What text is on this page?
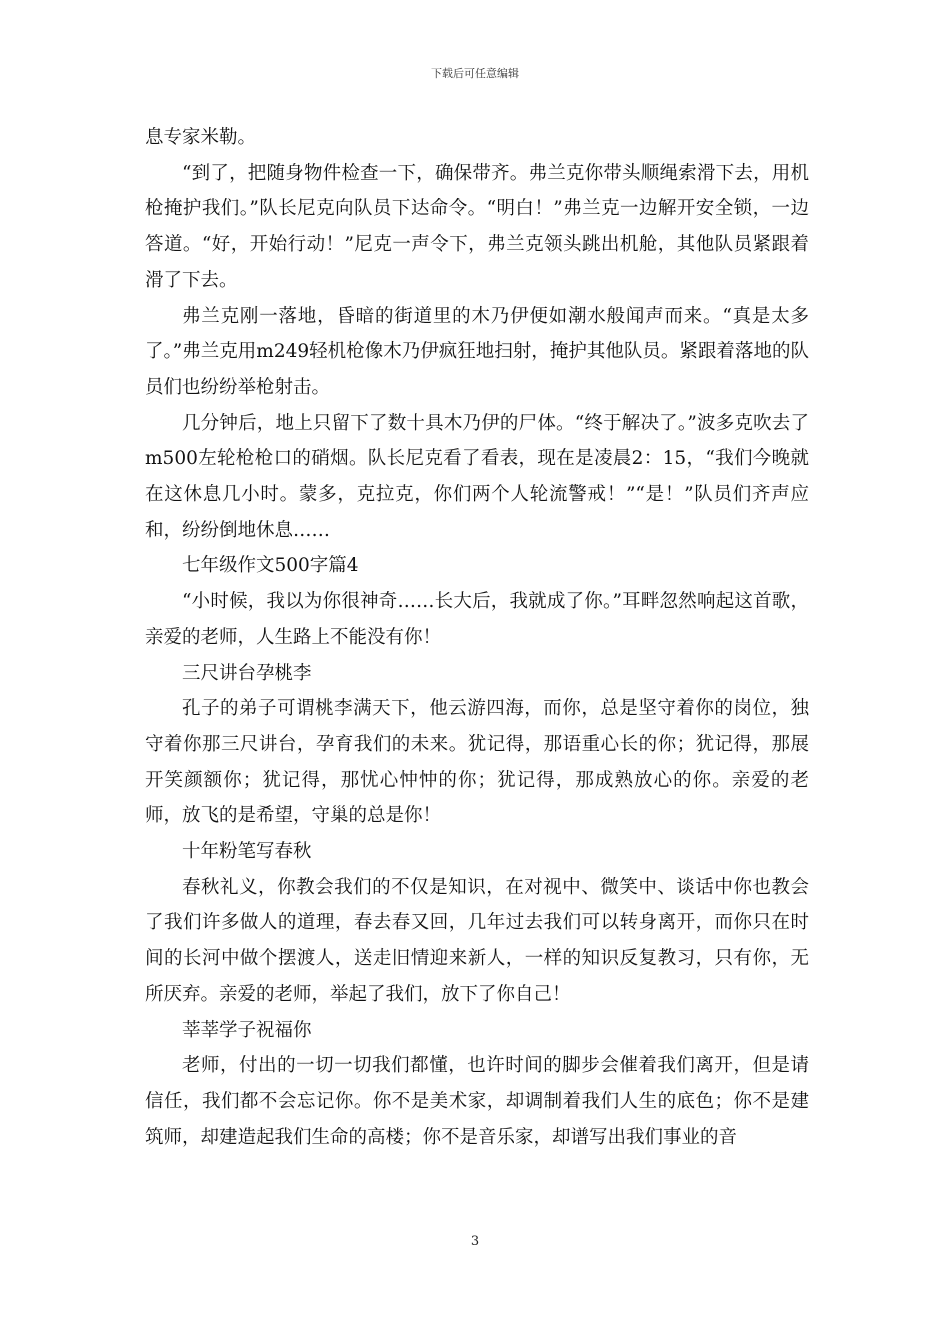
下载后可任意编辑

息专家米勒。

“到了，把随身物件检查一下，确保带齐。弗兰克你带头顺绳索滑下去，用机枪掩护我们。”队长尼克向队员下达命令。“明白！”弗兰克一边解开安全锁，一边答道。“好，开始行动！”尼克一声令下，弗兰克领头跳出机舱，其他队员紧跟着滑了下去。

弗兰克刚一落地，昏暗的街道里的木乃伊便如潮水般闻声而来。“真是太多了。”弗兰克用m249轻机枪像木乃伊疯狂地扫射，掩护其他队员。紧跟着落地的队员们也纷纷举枪射击。

几分钟后，地上只留下了数十具木乃伊的尸体。“终于解决了。”波多克吹去了m500左轮枪枪口的硝烟。队长尼克看了看表，现在是凌晨2：15，“我们今晚就在这休息几小时。蒙多，克拉克，你们两个人轮流警戒！”“是！”队员们齐声应和，纷纷倒地休息……

七年级作文500字篇4

“小时候，我以为你很神奇……长大后，我就成了你。”耳畔忽然响起这首歌，亲爱的老师，人生路上不能没有你！

三尺讲台孕桃李

孔子的弟子可谓桃李满天下，他云游四海，而你，总是坚守着你的岗位，独守着你那三尺讲台，孕育我们的未来。犹记得，那语重心长的你；犹记得，那展开笑颜额你；犹记得，那忧心忡忡的你；犹记得，那成熟放心的你。亲爱的老师，放飞的是希望，守巢的总是你！

十年粉笔写春秋

春秋礼义，你教会我们的不仅是知识，在对视中、微笑中、谈话中你也教会了我们许多做人的道理，春去春又回，几年过去我们可以转身离开，而你只在时间的长河中做个摆渡人，送走旧情迎来新人，一样的知识反复教习，只有你，无所厌弃。亲爱的老师，举起了我们，放下了你自己！

莘莘学子祝福你

老师，付出的一切一切我们都懂，也许时间的脚步会催着我们离开，但是请信任，我们都不会忘记你。你不是美术家，却调制着我们人生的底色；你不是建筑师，却建造起我们生命的高楼；你不是音乐家，却谱写出我们事业的音

3
